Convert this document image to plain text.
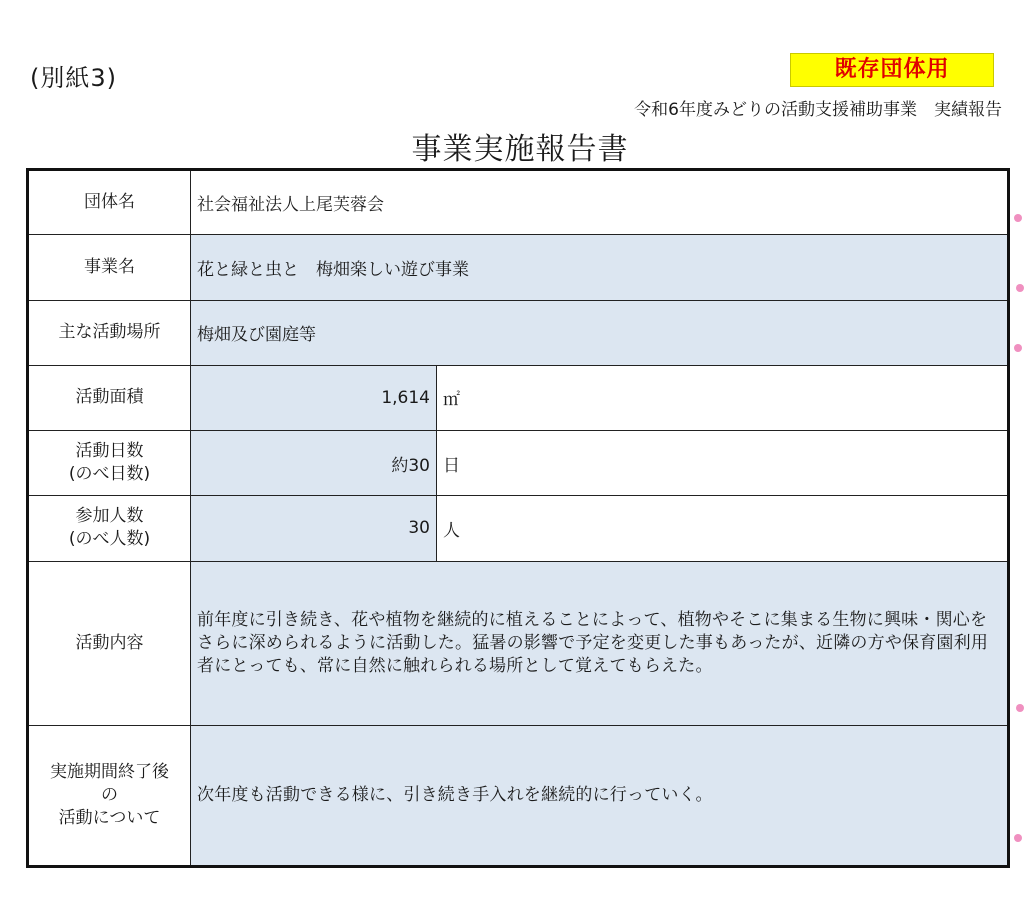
(別紙3)	既存団体用
令和6年度みどりの活動支援補助事業　実績報告
事業実施報告書
団体名	社会福祉法人上尾芙蓉会	
事業名	花と緑と虫と　梅畑楽しい遊び事業	
主な活動場所	梅畑及び園庭等	
活動面積	1,614	㎡

活動日数
(のべ日数)	約30	日

参加人数
(のべ人数)	30	人
活動内容	前年度に引き続き、花や植物を継続的に植えることによって、植物やそこに集まる生物に興味・関心をさらに深められるように活動した。猛暑の影響で予定を変更した事もあったが、近隣の方や保育園利用者にとっても、常に自然に触れられる場所として覚えてもらえた。	

実施期間終了後
の
活動について	次年度も活動できる様に、引き続き手入れを継続的に行っていく。	
